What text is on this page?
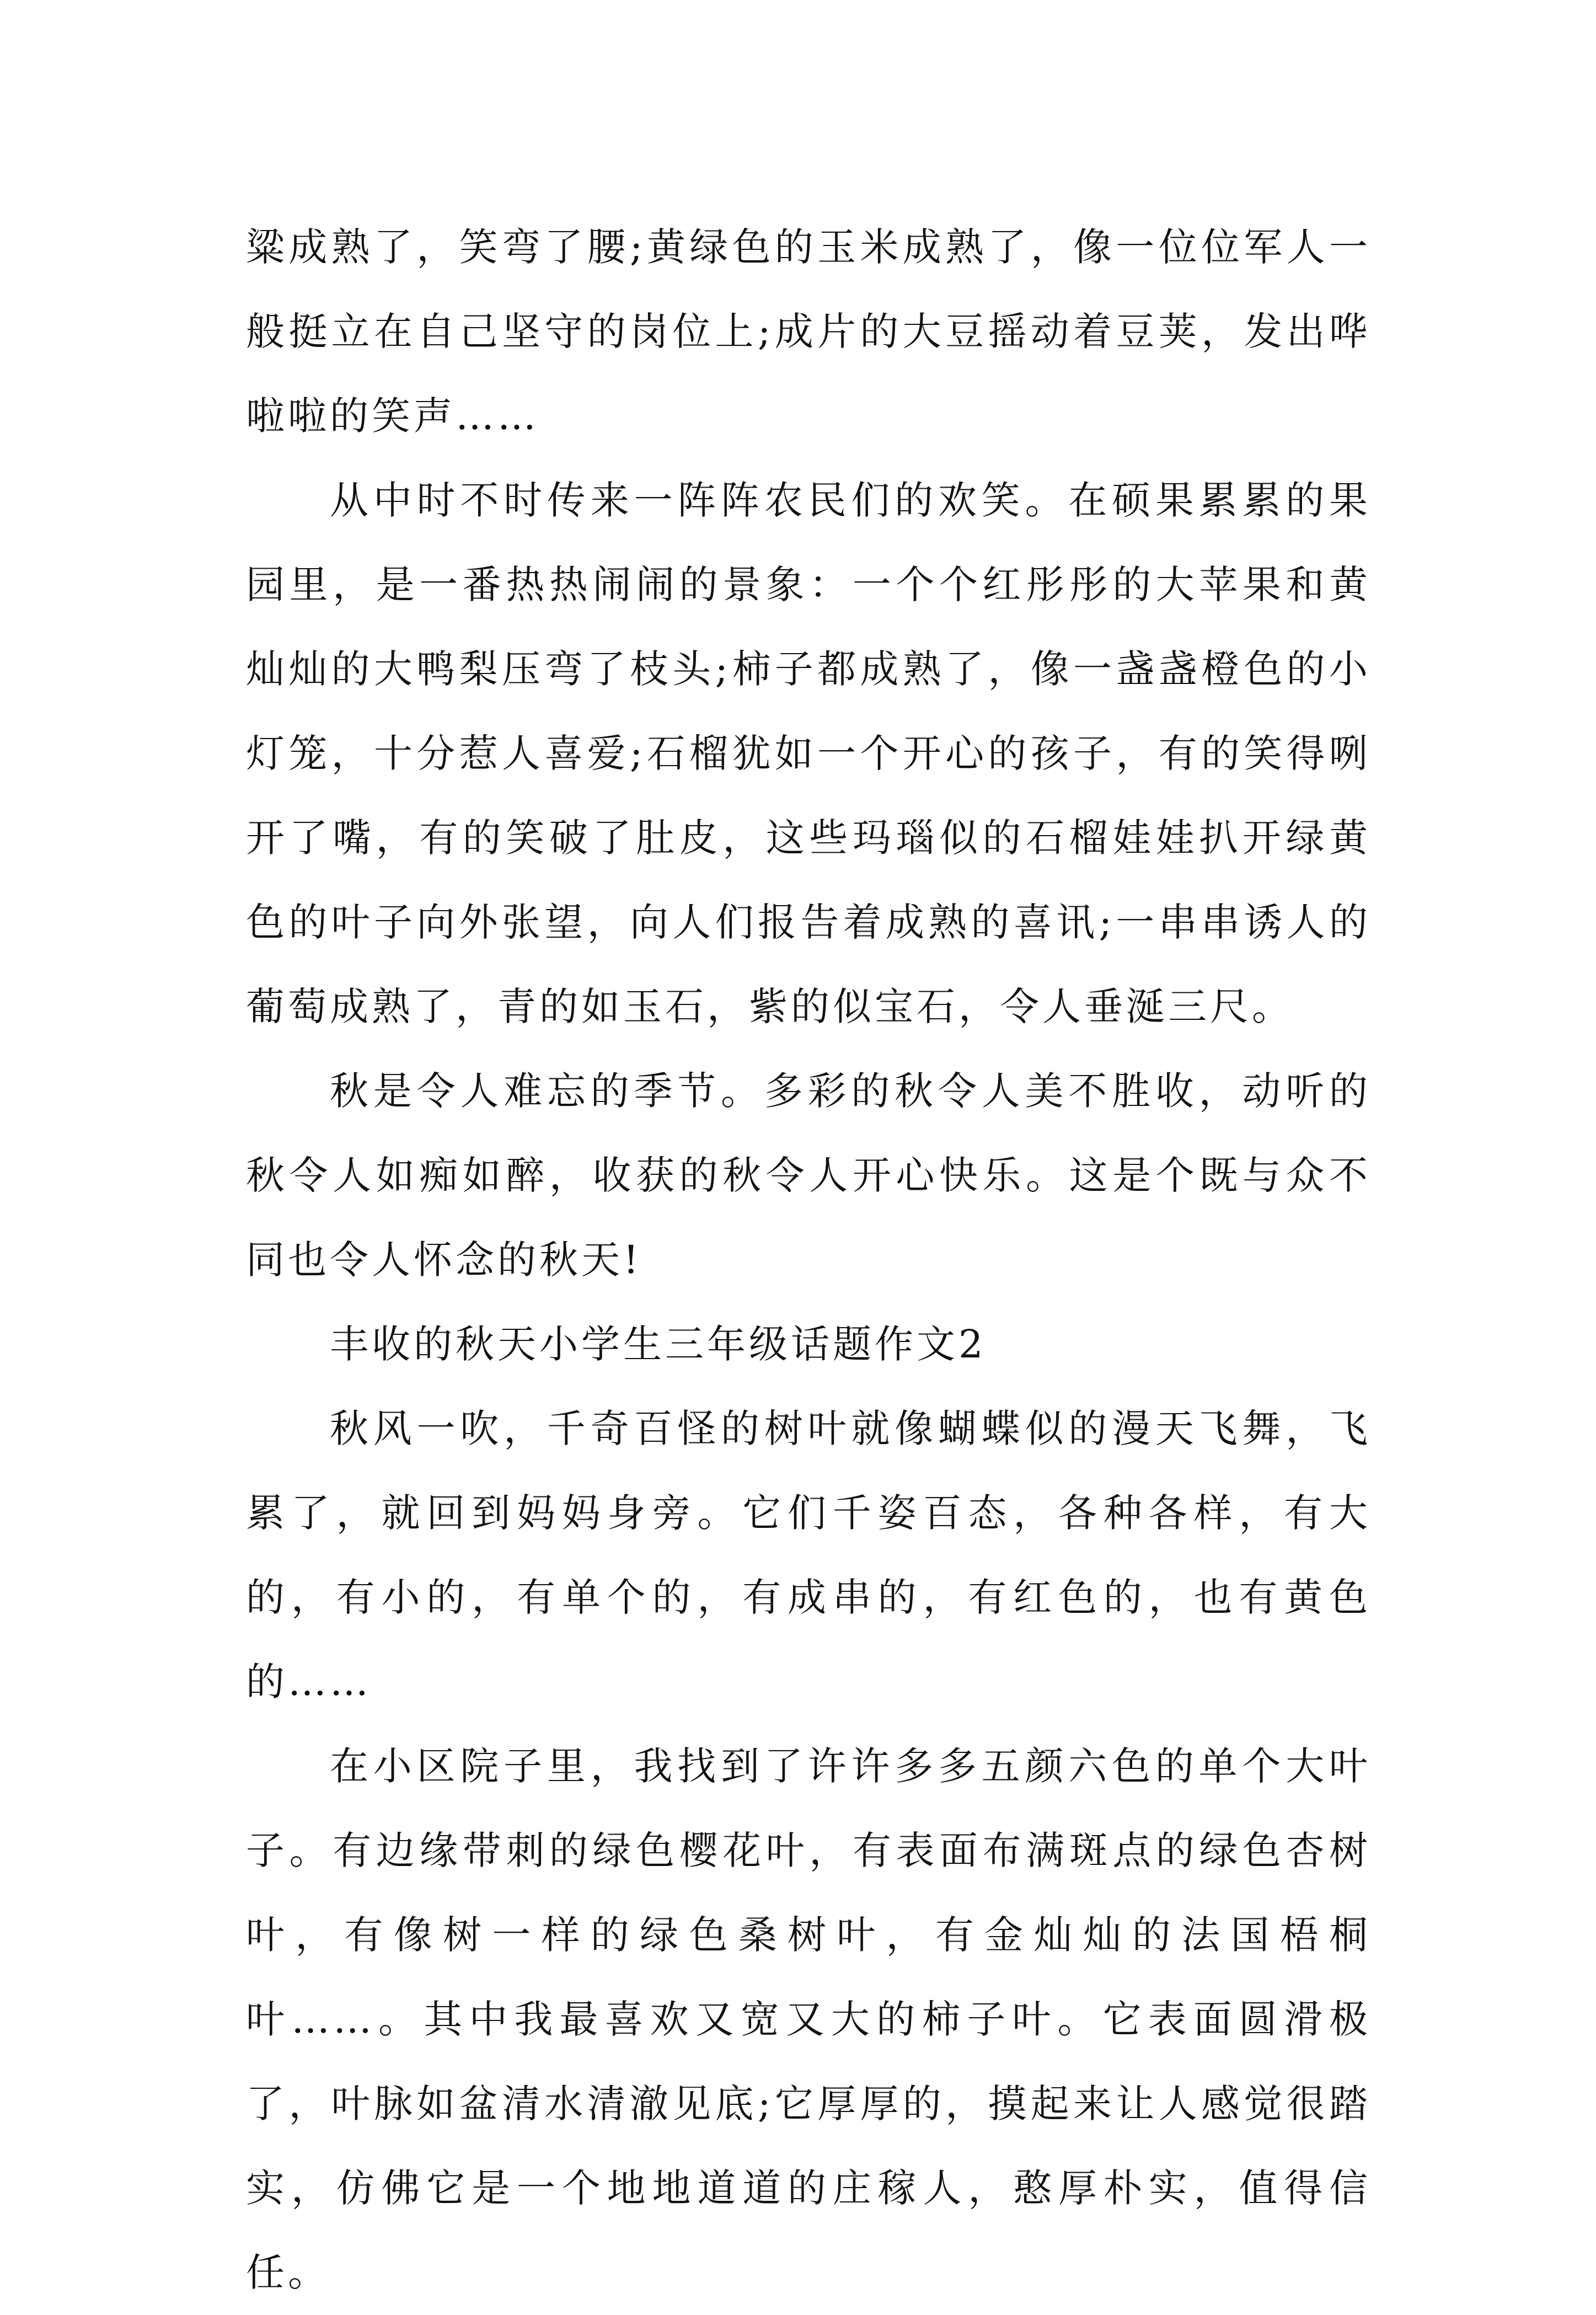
粱成熟了，笑弯了腰;黄绿色的玉米成熟了，像一位位军人一般挺立在自己坚守的岗位上;成片的大豆摇动着豆荚，发出哗啦啦的笑声……

从中时不时传来一阵阵农民们的欢笑。在硕果累累的果园里，是一番热热闹闹的景象：一个个红彤彤的大苹果和黄灿灿的大鸭梨压弯了枝头;柿子都成熟了，像一盏盏橙色的小灯笼，十分惹人喜爱;石榴犹如一个开心的孩子，有的笑得咧开了嘴，有的笑破了肚皮，这些玛瑙似的石榴娃娃扒开绿黄色的叶子向外张望，向人们报告着成熟的喜讯;一串串诱人的葡萄成熟了，青的如玉石，紫的似宝石，令人垂涎三尺。

秋是令人难忘的季节。多彩的秋令人美不胜收，动听的秋令人如痴如醉，收获的秋令人开心快乐。这是个既与众不同也令人怀念的秋天!

丰收的秋天小学生三年级话题作文2

秋风一吹，千奇百怪的树叶就像蝴蝶似的漫天飞舞，飞累了，就回到妈妈身旁。它们千姿百态，各种各样，有大的，有小的，有单个的，有成串的，有红色的，也有黄色的……

在小区院子里，我找到了许许多多五颜六色的单个大叶子。有边缘带刺的绿色樱花叶，有表面布满斑点的绿色杏树叶，有像树一样的绿色桑树叶，有金灿灿的法国梧桐叶……。其中我最喜欢又宽又大的柿子叶。它表面圆滑极了，叶脉如盆清水清澈见底;它厚厚的，摸起来让人感觉很踏实，仿佛它是一个地地道道的庄稼人，憨厚朴实，值得信任。
